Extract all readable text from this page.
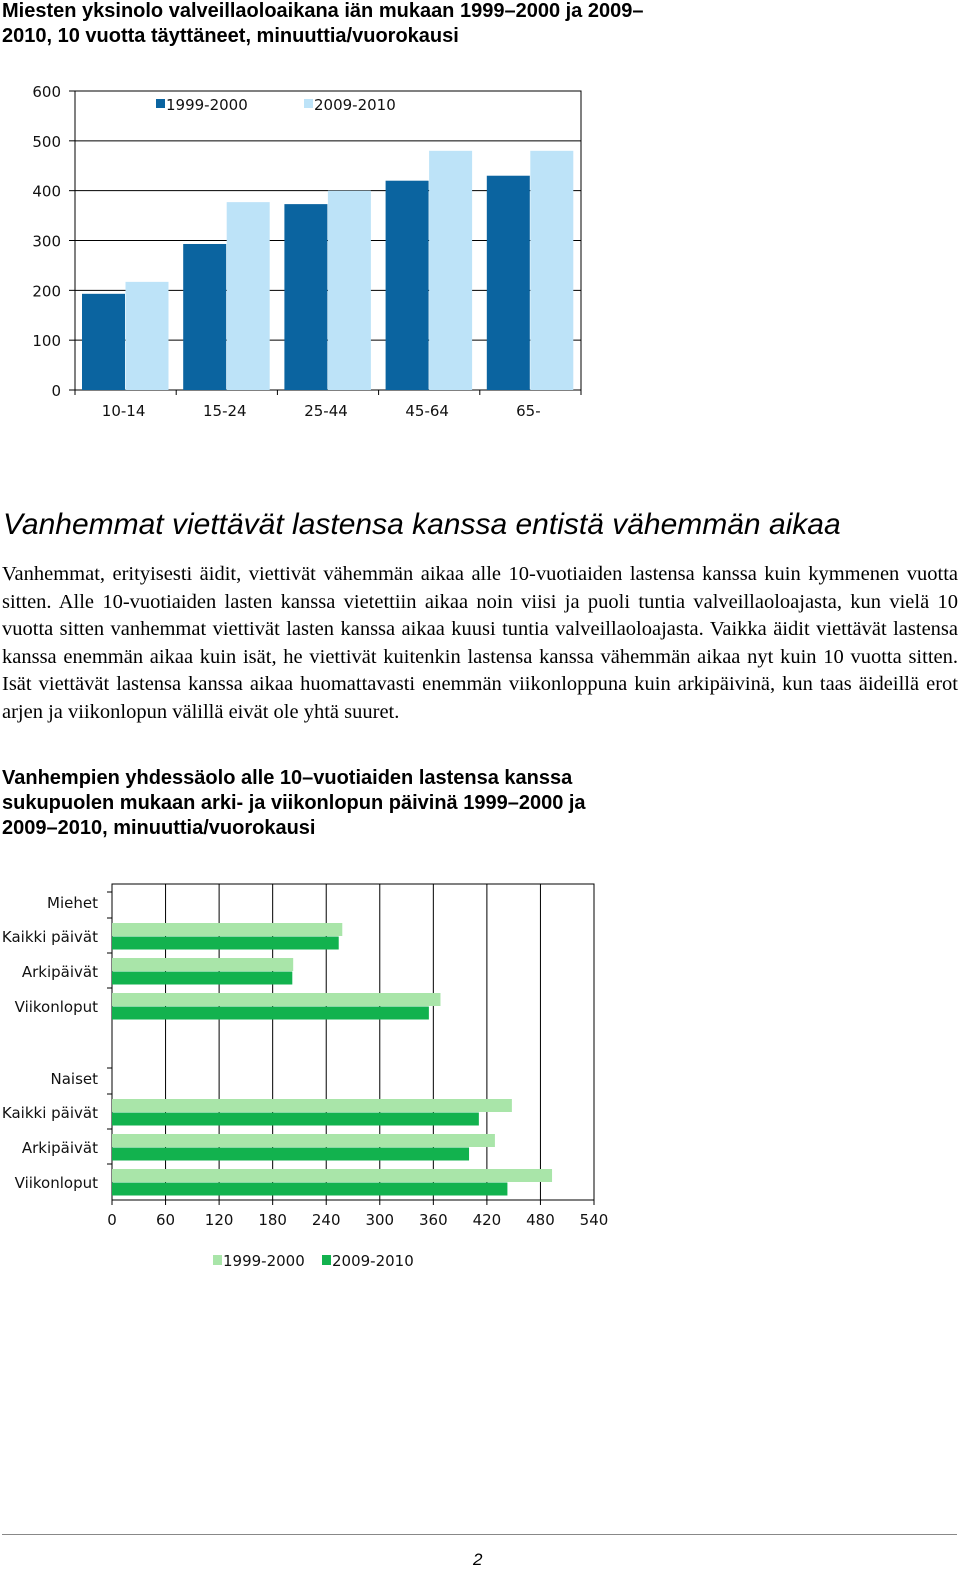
Miesten yksinolo valveillaoloaikana iän mukaan 1999–2000 ja 2009–2010, 10 vuotta täyttäneet, minuuttia/vuorokausi
0
100
200
300
400
500
600
10-14	15-24	25-44	45-64	65-
1999-2000	2009-2010
Vanhemmat viettävät lastensa kanssa entistä vähemmän aikaa
Vanhemmat, erityisesti äidit, viettivät vähemmän aikaa alle 10-vuotiaiden lastensa kanssa kuin kymmenen vuotta sitten. Alle 10-vuotiaiden lasten kanssa vietettiin aikaa noin viisi ja puoli tuntia valveillaoloajasta, kun vielä 10 vuotta sitten vanhemmat viettivät lasten kanssa aikaa kuusi tuntia valveillaoloajasta. Vaikka äidit viettävät lastensa kanssa enemmän aikaa kuin isät, he viettivät kuitenkin lastensa kanssa vähemmän aikaa nyt kuin 10 vuotta sitten. Isät viettävät lastensa kanssa aikaa huomattavasti enemmän viikonloppuna kuin arkipäivinä, kun taas äideillä erot arjen ja viikonlopun välillä eivät ole yhtä suuret.
Vanhempien yhdessäolo alle 10–vuotiaiden lastensa kanssa sukupuolen mukaan arki- ja viikonlopun päivinä 1999–2000 ja 2009–2010, minuuttia/vuorokausi
0	60 120 180 240 300 360 420 480 540
Miehet
Kaikki päivät
Arkipäivät
Viikonloput
Naiset
Kaikki päivät
Arkipäivät
Viikonloput
1999-2000 2009-2010
2
